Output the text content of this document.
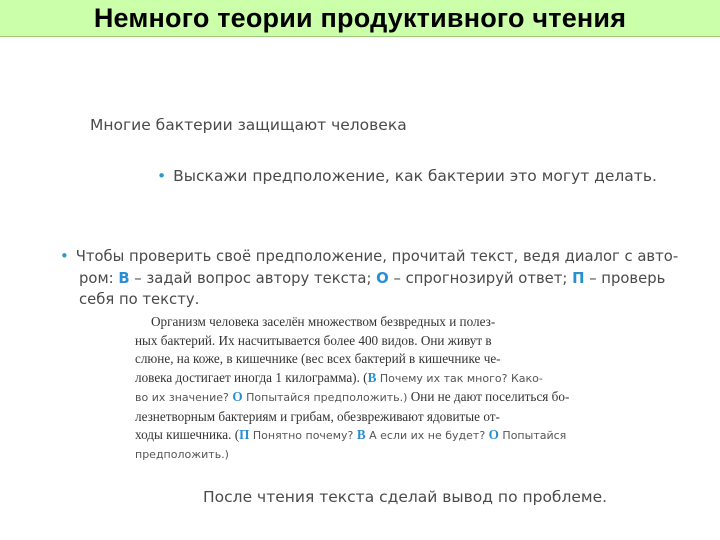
Немного теории продуктивного чтения
Многие бактерии защищают человека
• Выскажи предположение, как бактерии это могут делать.
• Чтобы проверить своё предположение, прочитай текст, ведя диалог с авто-
ром: В – задай вопрос автору текста; О – спрогнозируй ответ; П – проверь
себя по тексту.
Организм человека заселён множеством безвредных и полез-
ных бактерий. Их насчитывается более 400 видов. Они живут в
слюне, на коже, в кишечнике (вес всех бактерий в кишечнике че-
ловека достигает иногда 1 килограмма). (В Почему их так много? Како-
во их значение? О Попытайся предположить.) Они не дают поселиться бо-
лезнетворным бактериям и грибам, обезвреживают ядовитые от-
ходы кишечника. (П Понятно почему? В А если их не будет? О Попытайся
предположить.)
После чтения текста сделай вывод по проблеме.
